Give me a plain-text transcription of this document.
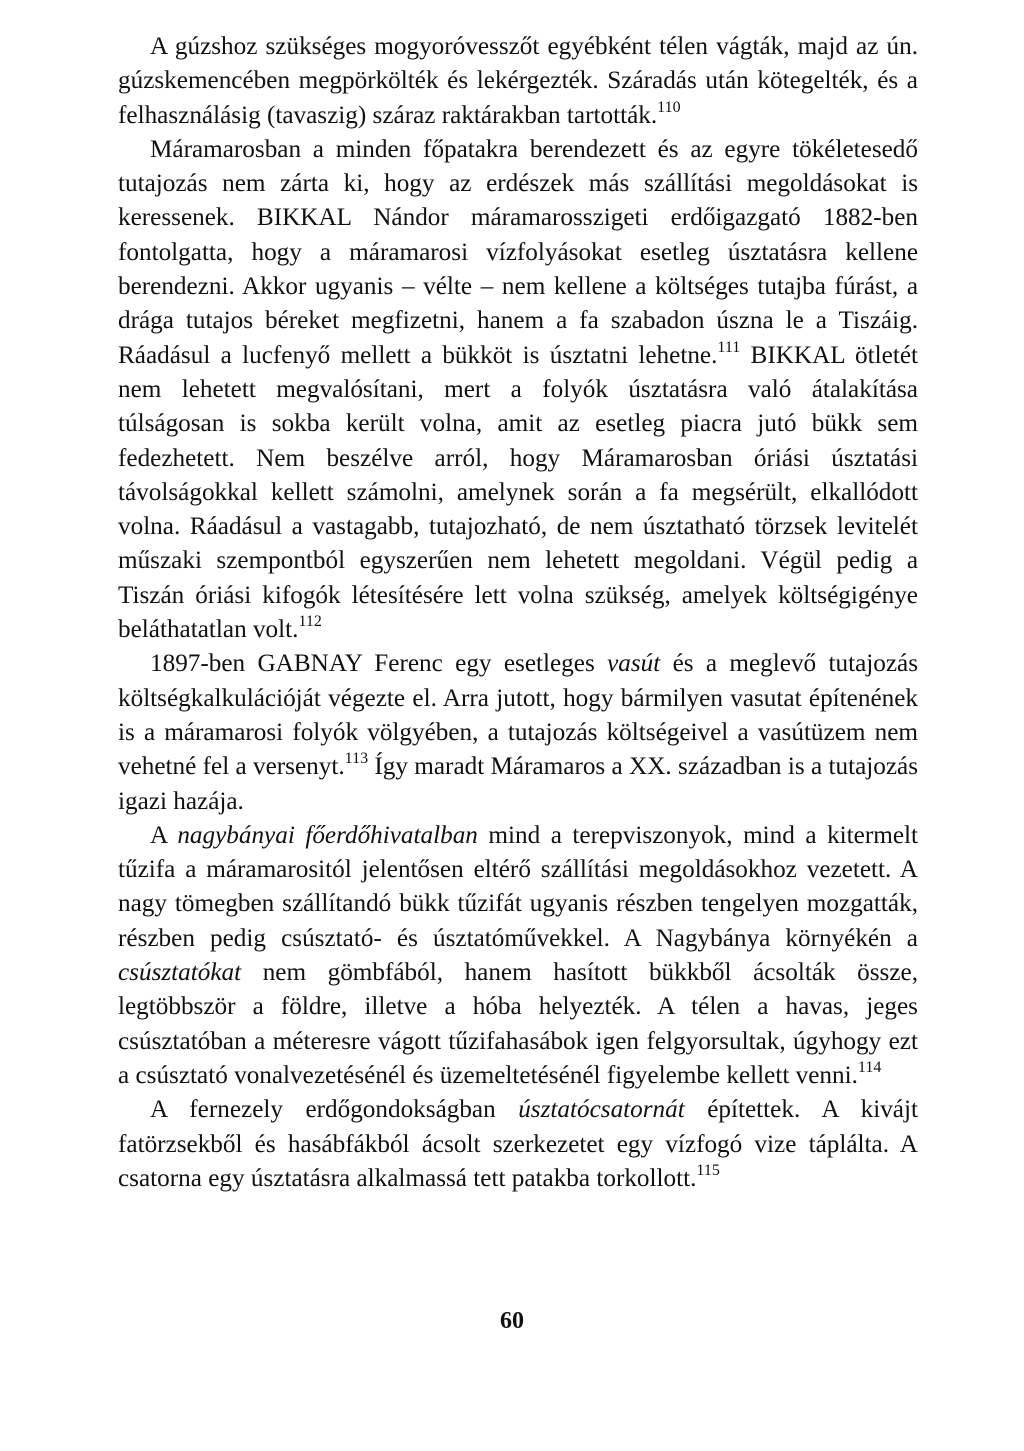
A gúzshoz szükséges mogyoróvesszőt egyébként télen vágták, majd az ún. gúzskemencében megpörkölték és lekérgezték. Száradás után kötegelték, és a felhasználásig (tavaszig) száraz raktárakban tartották.$^{110}$

Máramarosban a minden főpatakra berendezett és az egyre tökéletesedő tutajozás nem zárta ki, hogy az erdészek más szállítási megoldásokat is keressenek. BIKKAL Nándor máramarosszigeti erdőigazgató 1882-ben fontolgatta, hogy a máramarosi vízfolyásokat esetleg úsztatásra kellene berendezni. Akkor ugyanis – vélte – nem kellene a költséges tutajba fúrást, a drága tutajos béreket megfizetni, hanem a fa szabadon úszna le a Tiszáig. Ráadásul a lucfenyő mellett a bükköt is úsztatni lehetne.$^{111}$ BIKKAL ötletét nem lehetett megvalósítani, mert a folyók úsztatásra való átalakítása túlságosan is sokba került volna, amit az esetleg piacra jutó bükk sem fedezhetett. Nem beszélve arról, hogy Máramarosban óriási úsztatási távolságokkal kellett számolni, amelynek során a fa megsérült, elkallódott volna. Ráadásul a vastagabb, tutajozható, de nem úsztatható törzsek levitelét műszaki szempontból egyszerűen nem lehetett megoldani. Végül pedig a Tiszán óriási kifogók létesítésére lett volna szükség, amelyek költségigénye beláthatatlan volt.$^{112}$

1897-ben GABNAY Ferenc egy esetleges vasút és a meglevő tutajozás költségkalkulációját végezte el. Arra jutott, hogy bármilyen vasutat építenének is a máramarosi folyók völgyében, a tutajozás költségeivel a vasútüzem nem vehetné fel a versenyt.$^{113}$ Így maradt Máramaros a XX. században is a tutajozás igazi hazája.

A nagybányai főerdőhivatalban mind a terepviszonyok, mind a kitermelt tűzifa a máramarositól jelentősen eltérő szállítási megoldásokhoz vezetett. A nagy tömegben szállítandó bükk tűzifát ugyanis részben tengelyen mozgatták, részben pedig csúsztató- és úsztatóművekkel. A Nagybánya környékén a csúsztatókat nem gömbfából, hanem hasított bükkből ácsolták össze, legtöbbször a földre, illetve a hóba helyezték. A télen a havas, jeges csúsztatóban a méteresre vágott tűzifahasábok igen felgyorsultak, úgyhogy ezt a csúsztató vonalvezetésénél és üzemeltetésénél figyelembe kellett venni.$^{114}$

A fernezely erdőgondokságban úsztatócsatornát építettek. A kivájt fatörzsekből és hasábfákból ácsolt szerkezetet egy vízfogó vize táplálta. A csatorna egy úsztatásra alkalmassá tett patakba torkollott.$^{115}$

60
